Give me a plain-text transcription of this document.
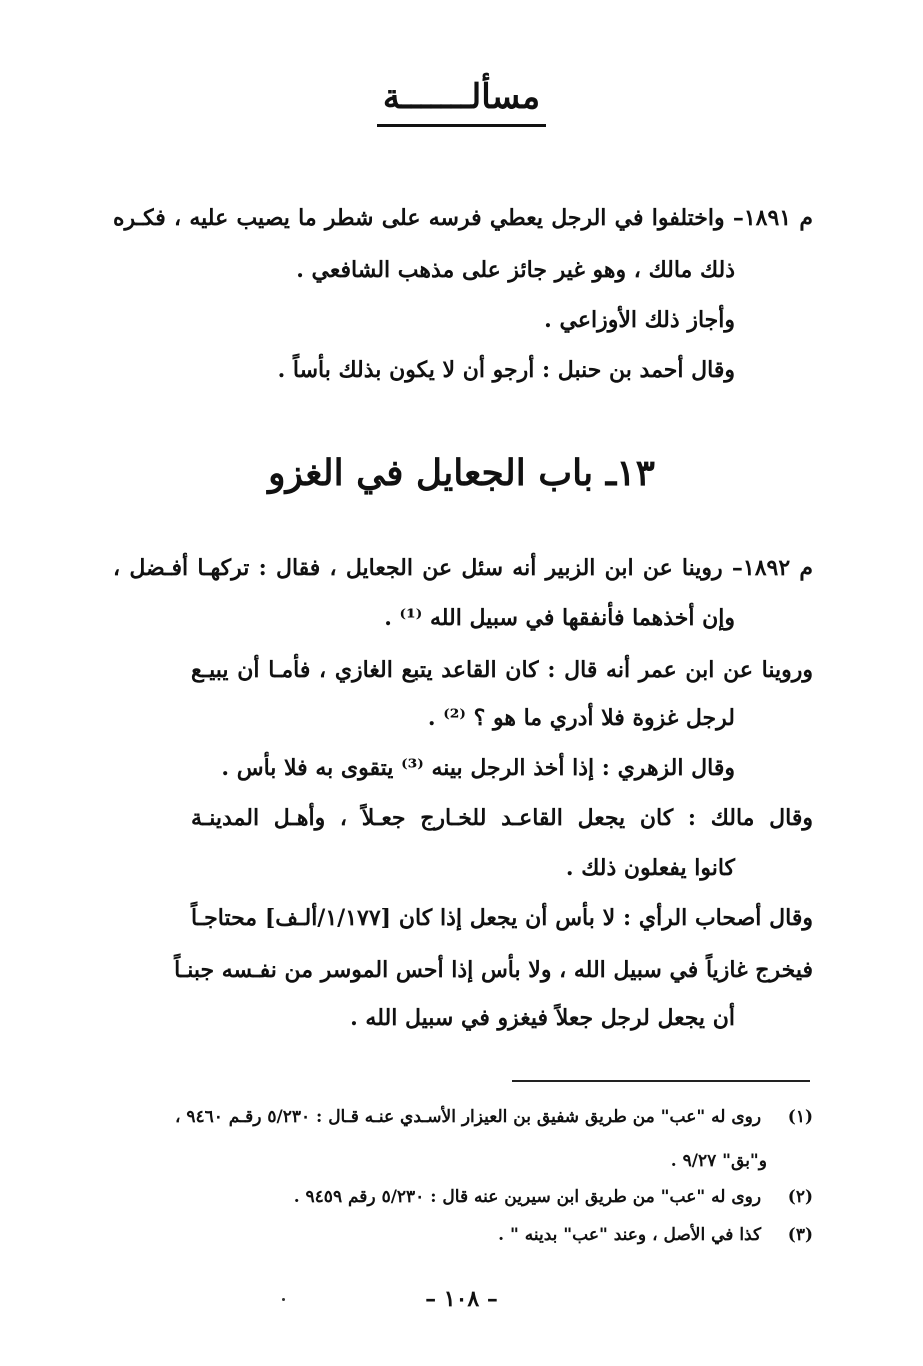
مسألـــــــة
م ١٨٩١– واختلفوا في الرجل يعطي فرسه على شطر ما يصيب عليه ، فكـره
ذلك مالك ، وهو غير جائز على مذهب الشافعي .
وأجاز ذلك الأوزاعي .
وقال أحمد بن حنبل : أرجو أن لا يكون بذلك بأساً .
١٣ـ باب الجعايل في الغزو
م ١٨٩٢– روينا عن ابن الزبير أنه سئل عن الجعايل ، فقال : تركهـا أفـضل ،
وإن أخذهما فأنفقها في سبيل الله ⁽¹⁾ .
وروينا عن ابن عمر أنه قال : كان القاعد يتبع الغازي ، فأمـا أن يبيـع
لرجل غزوة فلا أدري ما هو ؟ ⁽²⁾ .
وقال الزهري : إذا أخذ الرجل بينه ⁽³⁾ يتقوى به فلا بأس .
وقال مالك : كان يجعل القاعـد للخـارج جعـلاً ، وأهـل المدينـة
كانوا يفعلون ذلك .
وقال أصحاب الرأي : لا بأس أن يجعل إذا كان [١/١٧٧/ألـف] محتاجـاً
فيخرج غازياً في سبيل الله ، ولا بأس إذا أحس الموسر من نفـسه جبنـاً
أن يجعل لرجل جعلاً فيغزو في سبيل الله .
(١) روى له "عب" من طريق شفيق بن العيزار الأسـدي عنـه قـال : ٥/٢٣٠ رقـم ٩٤٦٠ ،
و"بق" ٩/٢٧ .
(٢) روى له "عب" من طريق ابن سيرين عنه قال : ٥/٢٣٠ رقم ٩٤٥٩ .
(٣) كذا في الأصل ، وعند "عب" بدينه " .
– ١٠٨ –
